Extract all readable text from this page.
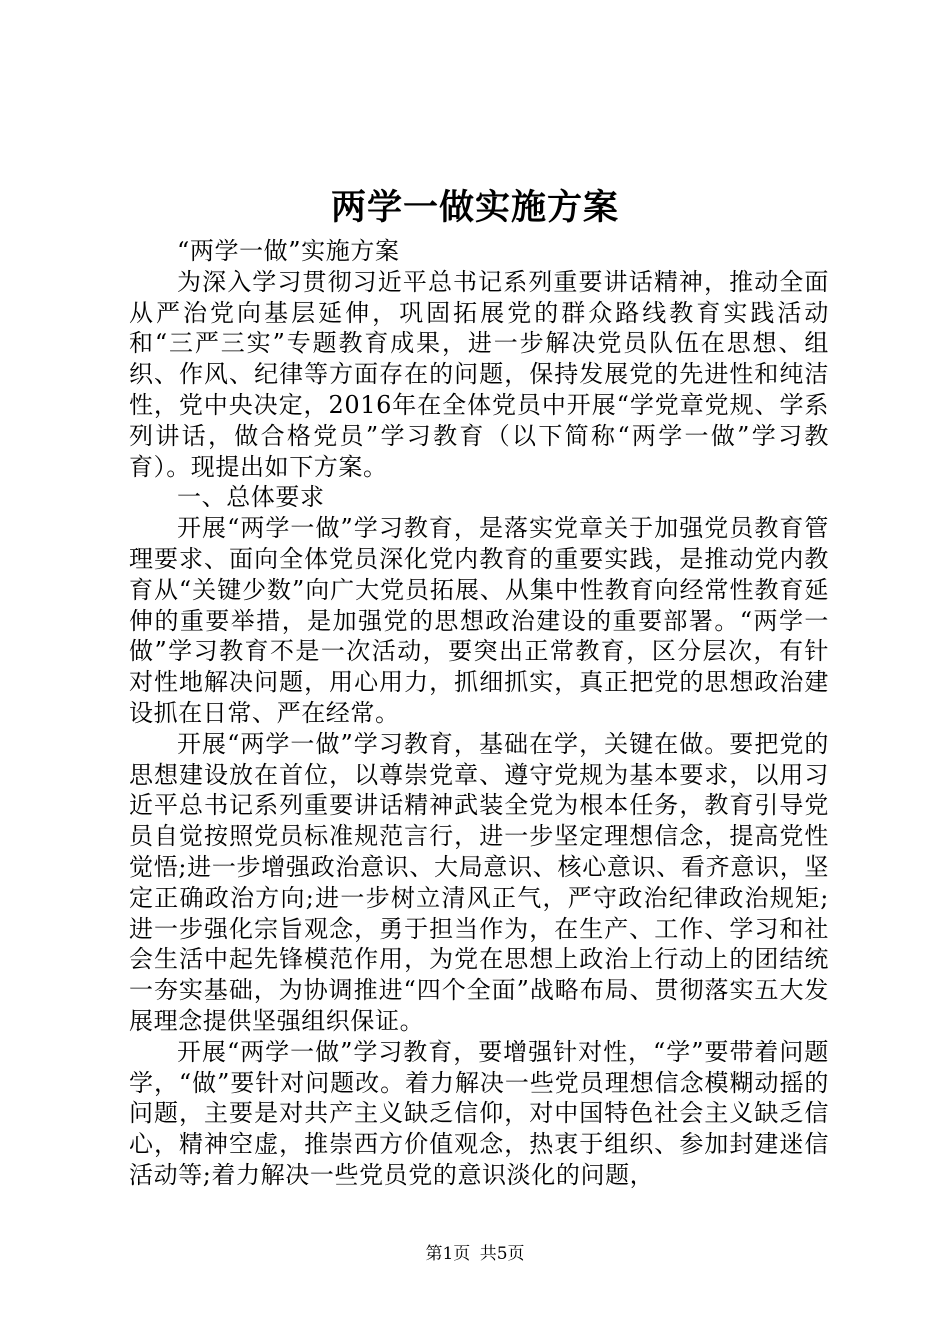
两学一做实施方案

“两学一做”实施方案

为深入学习贯彻习近平总书记系列重要讲话精神，推动全面从严治党向基层延伸，巩固拓展党的群众路线教育实践活动和“三严三实”专题教育成果，进一步解决党员队伍在思想、组织、作风、纪律等方面存在的问题，保持发展党的先进性和纯洁性，党中央决定，2016年在全体党员中开展“学党章党规、学系列讲话，做合格党员”学习教育（以下简称“两学一做”学习教育）。现提出如下方案。

一、总体要求

开展“两学一做”学习教育，是落实党章关于加强党员教育管理要求、面向全体党员深化党内教育的重要实践，是推动党内教育从“关键少数”向广大党员拓展、从集中性教育向经常性教育延伸的重要举措，是加强党的思想政治建设的重要部署。“两学一做”学习教育不是一次活动，要突出正常教育，区分层次，有针对性地解决问题，用心用力，抓细抓实，真正把党的思想政治建设抓在日常、严在经常。

开展“两学一做”学习教育，基础在学，关键在做。要把党的思想建设放在首位，以尊崇党章、遵守党规为基本要求，以用习近平总书记系列重要讲话精神武装全党为根本任务，教育引导党员自觉按照党员标准规范言行，进一步坚定理想信念，提高党性觉悟;进一步增强政治意识、大局意识、核心意识、看齐意识，坚定正确政治方向;进一步树立清风正气，严守政治纪律政治规矩;进一步强化宗旨观念，勇于担当作为，在生产、工作、学习和社会生活中起先锋模范作用，为党在思想上政治上行动上的团结统一夯实基础，为协调推进“四个全面”战略布局、贯彻落实五大发展理念提供坚强组织保证。

开展“两学一做”学习教育，要增强针对性，“学”要带着问题学，“做”要针对问题改。着力解决一些党员理想信念模糊动摇的问题，主要是对共产主义缺乏信仰，对中国特色社会主义缺乏信心，精神空虚，推崇西方价值观念，热衷于组织、参加封建迷信活动等;着力解决一些党员党的意识淡化的问题，

第1页 共5页
